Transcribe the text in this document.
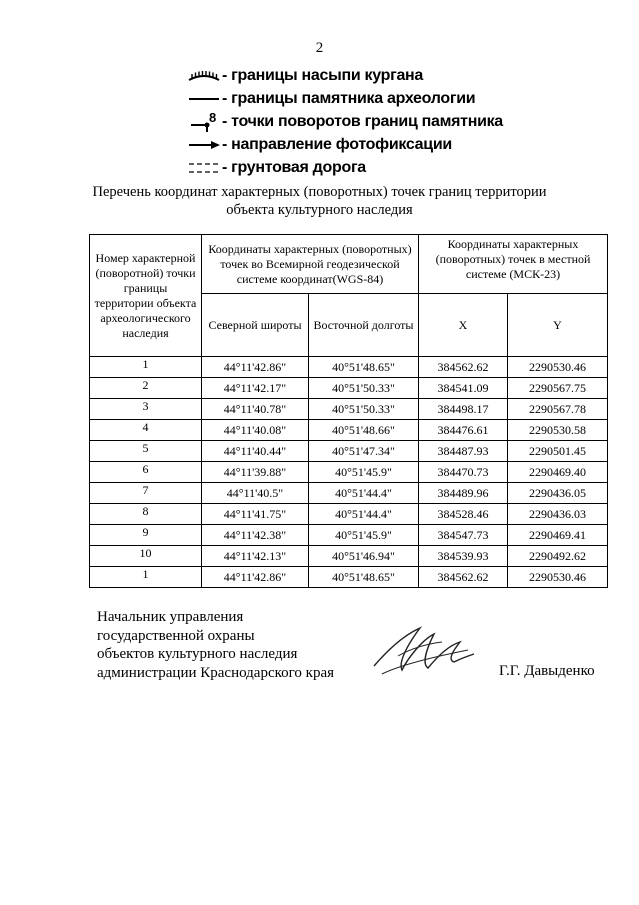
2
- границы насыпи кургана
- границы памятника археологии
8 - точки поворотов границ памятника
- направление фотофиксации
- грунтовая дорога
Перечень координат характерных (поворотных) точек границ территории
объекта культурного наследия
Номер характерной (поворотной) точки границы территории объекта археологического наследия	Координаты характерных (поворотных) точек во Всемирной геодезической системе координат(WGS-84)		Координаты характерных (поворотных) точек в местной системе (МСК-23)	
	Северной широты	Восточной долготы	X	Y
1	44°11'42.86"	40°51'48.65"	384562.62	2290530.46
2	44°11'42.17"	40°51'50.33"	384541.09	2290567.75
3	44°11'40.78"	40°51'50.33"	384498.17	2290567.78
4	44°11'40.08"	40°51'48.66"	384476.61	2290530.58
5	44°11'40.44"	40°51'47.34"	384487.93	2290501.45
6	44°11'39.88"	40°51'45.9"	384470.73	2290469.40
7	44°11'40.5"	40°51'44.4"	384489.96	2290436.05
8	44°11'41.75"	40°51'44.4"	384528.46	2290436.03
9	44°11'42.38"	40°51'45.9"	384547.73	2290469.41
10	44°11'42.13"	40°51'46.94"	384539.93	2290492.62
1	44°11'42.86"	40°51'48.65"	384562.62	2290530.46
Начальник управления
государственной охраны
объектов культурного наследия
администрации Краснодарского края	Г.Г. Давыденко
